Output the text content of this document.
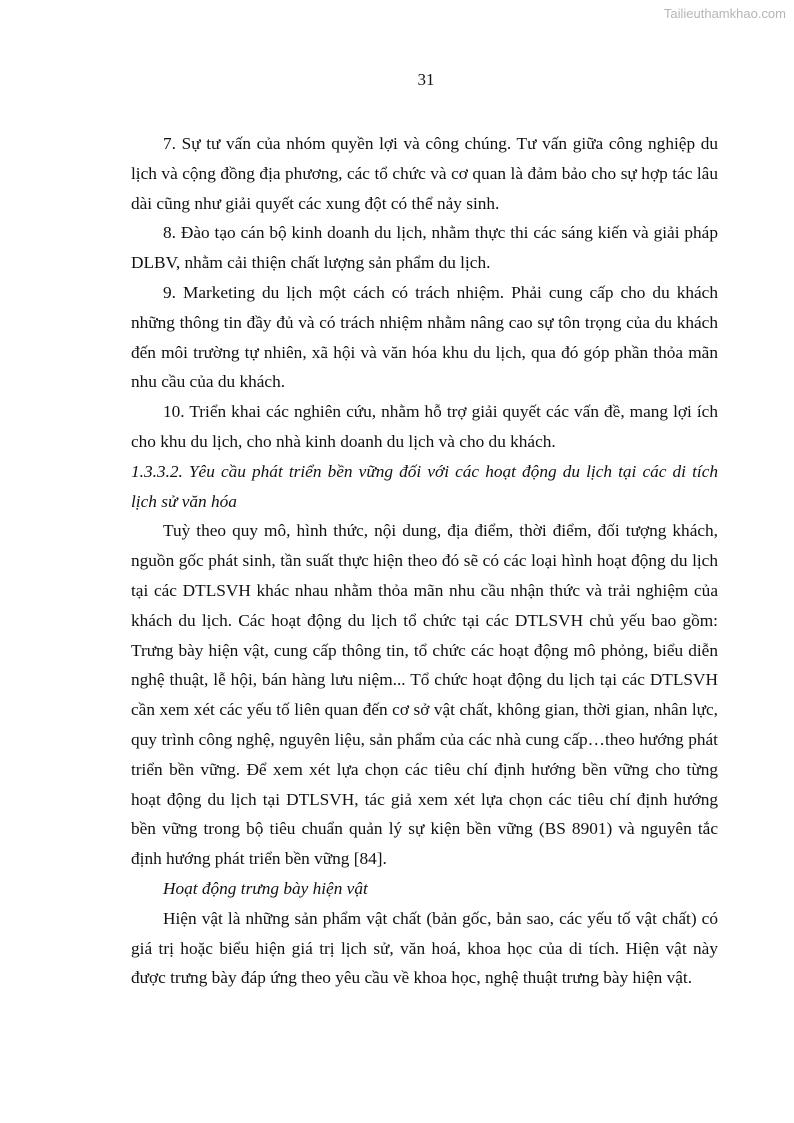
Tailieuthamkhao.com
31
7. Sự tư vấn của nhóm quyền lợi và công chúng. Tư vấn giữa công nghiệp du
lịch và cộng đồng địa phương, các tổ chức và cơ quan là đảm bảo cho sự hợp tác lâu
dài cũng như giải quyết các xung đột có thể nảy sinh.
8. Đào tạo cán bộ kinh doanh du lịch, nhằm thực thi các sáng kiến và giải pháp
DLBV, nhằm cải thiện chất lượng sản phẩm du lịch.
9. Marketing du lịch một cách có trách nhiệm. Phải cung cấp cho du khách
những thông tin đầy đủ và có trách nhiệm nhằm nâng cao sự tôn trọng của du khách
đến môi trường tự nhiên, xã hội và văn hóa khu du lịch, qua đó góp phần thỏa mãn
nhu cầu của du khách.
10. Triển khai các nghiên cứu, nhằm hỗ trợ giải quyết các vấn đề, mang lợi ích
cho khu du lịch, cho nhà kinh doanh du lịch và cho du khách.
1.3.3.2. Yêu cầu phát triển bền vững đối với các hoạt động du lịch tại các di tích
lịch sử văn hóa
Tuỳ theo quy mô, hình thức, nội dung, địa điểm, thời điểm, đối tượng khách,
nguồn gốc phát sinh, tần suất thực hiện theo đó sẽ có các loại hình hoạt động du lịch
tại các DTLSVH khác nhau nhằm thỏa mãn nhu cầu nhận thức và trải nghiệm của
khách du lịch. Các hoạt động du lịch tổ chức tại các DTLSVH chủ yếu bao gồm:
Trưng bày hiện vật, cung cấp thông tin, tổ chức các hoạt động mô phỏng, biểu diễn
nghệ thuật, lễ hội, bán hàng lưu niệm... Tổ chức hoạt động du lịch tại các DTLSVH
cần xem xét các yếu tố liên quan đến cơ sở vật chất, không gian, thời gian, nhân lực,
quy trình công nghệ, nguyên liệu, sản phẩm của các nhà cung cấp…theo hướng phát
triển bền vững. Để xem xét lựa chọn các tiêu chí định hướng bền vững cho từng
hoạt động du lịch tại DTLSVH, tác giả xem xét lựa chọn các tiêu chí định hướng
bền vững trong bộ tiêu chuẩn quản lý sự kiện bền vững (BS 8901) và nguyên tắc
định hướng phát triển bền vững [84].
Hoạt động trưng bày hiện vật
Hiện vật là những sản phẩm vật chất (bản gốc, bản sao, các yếu tố vật chất) có
giá trị hoặc biểu hiện giá trị lịch sử, văn hoá, khoa học của di tích. Hiện vật này
được trưng bày đáp ứng theo yêu cầu về khoa học, nghệ thuật trưng bày hiện vật.
